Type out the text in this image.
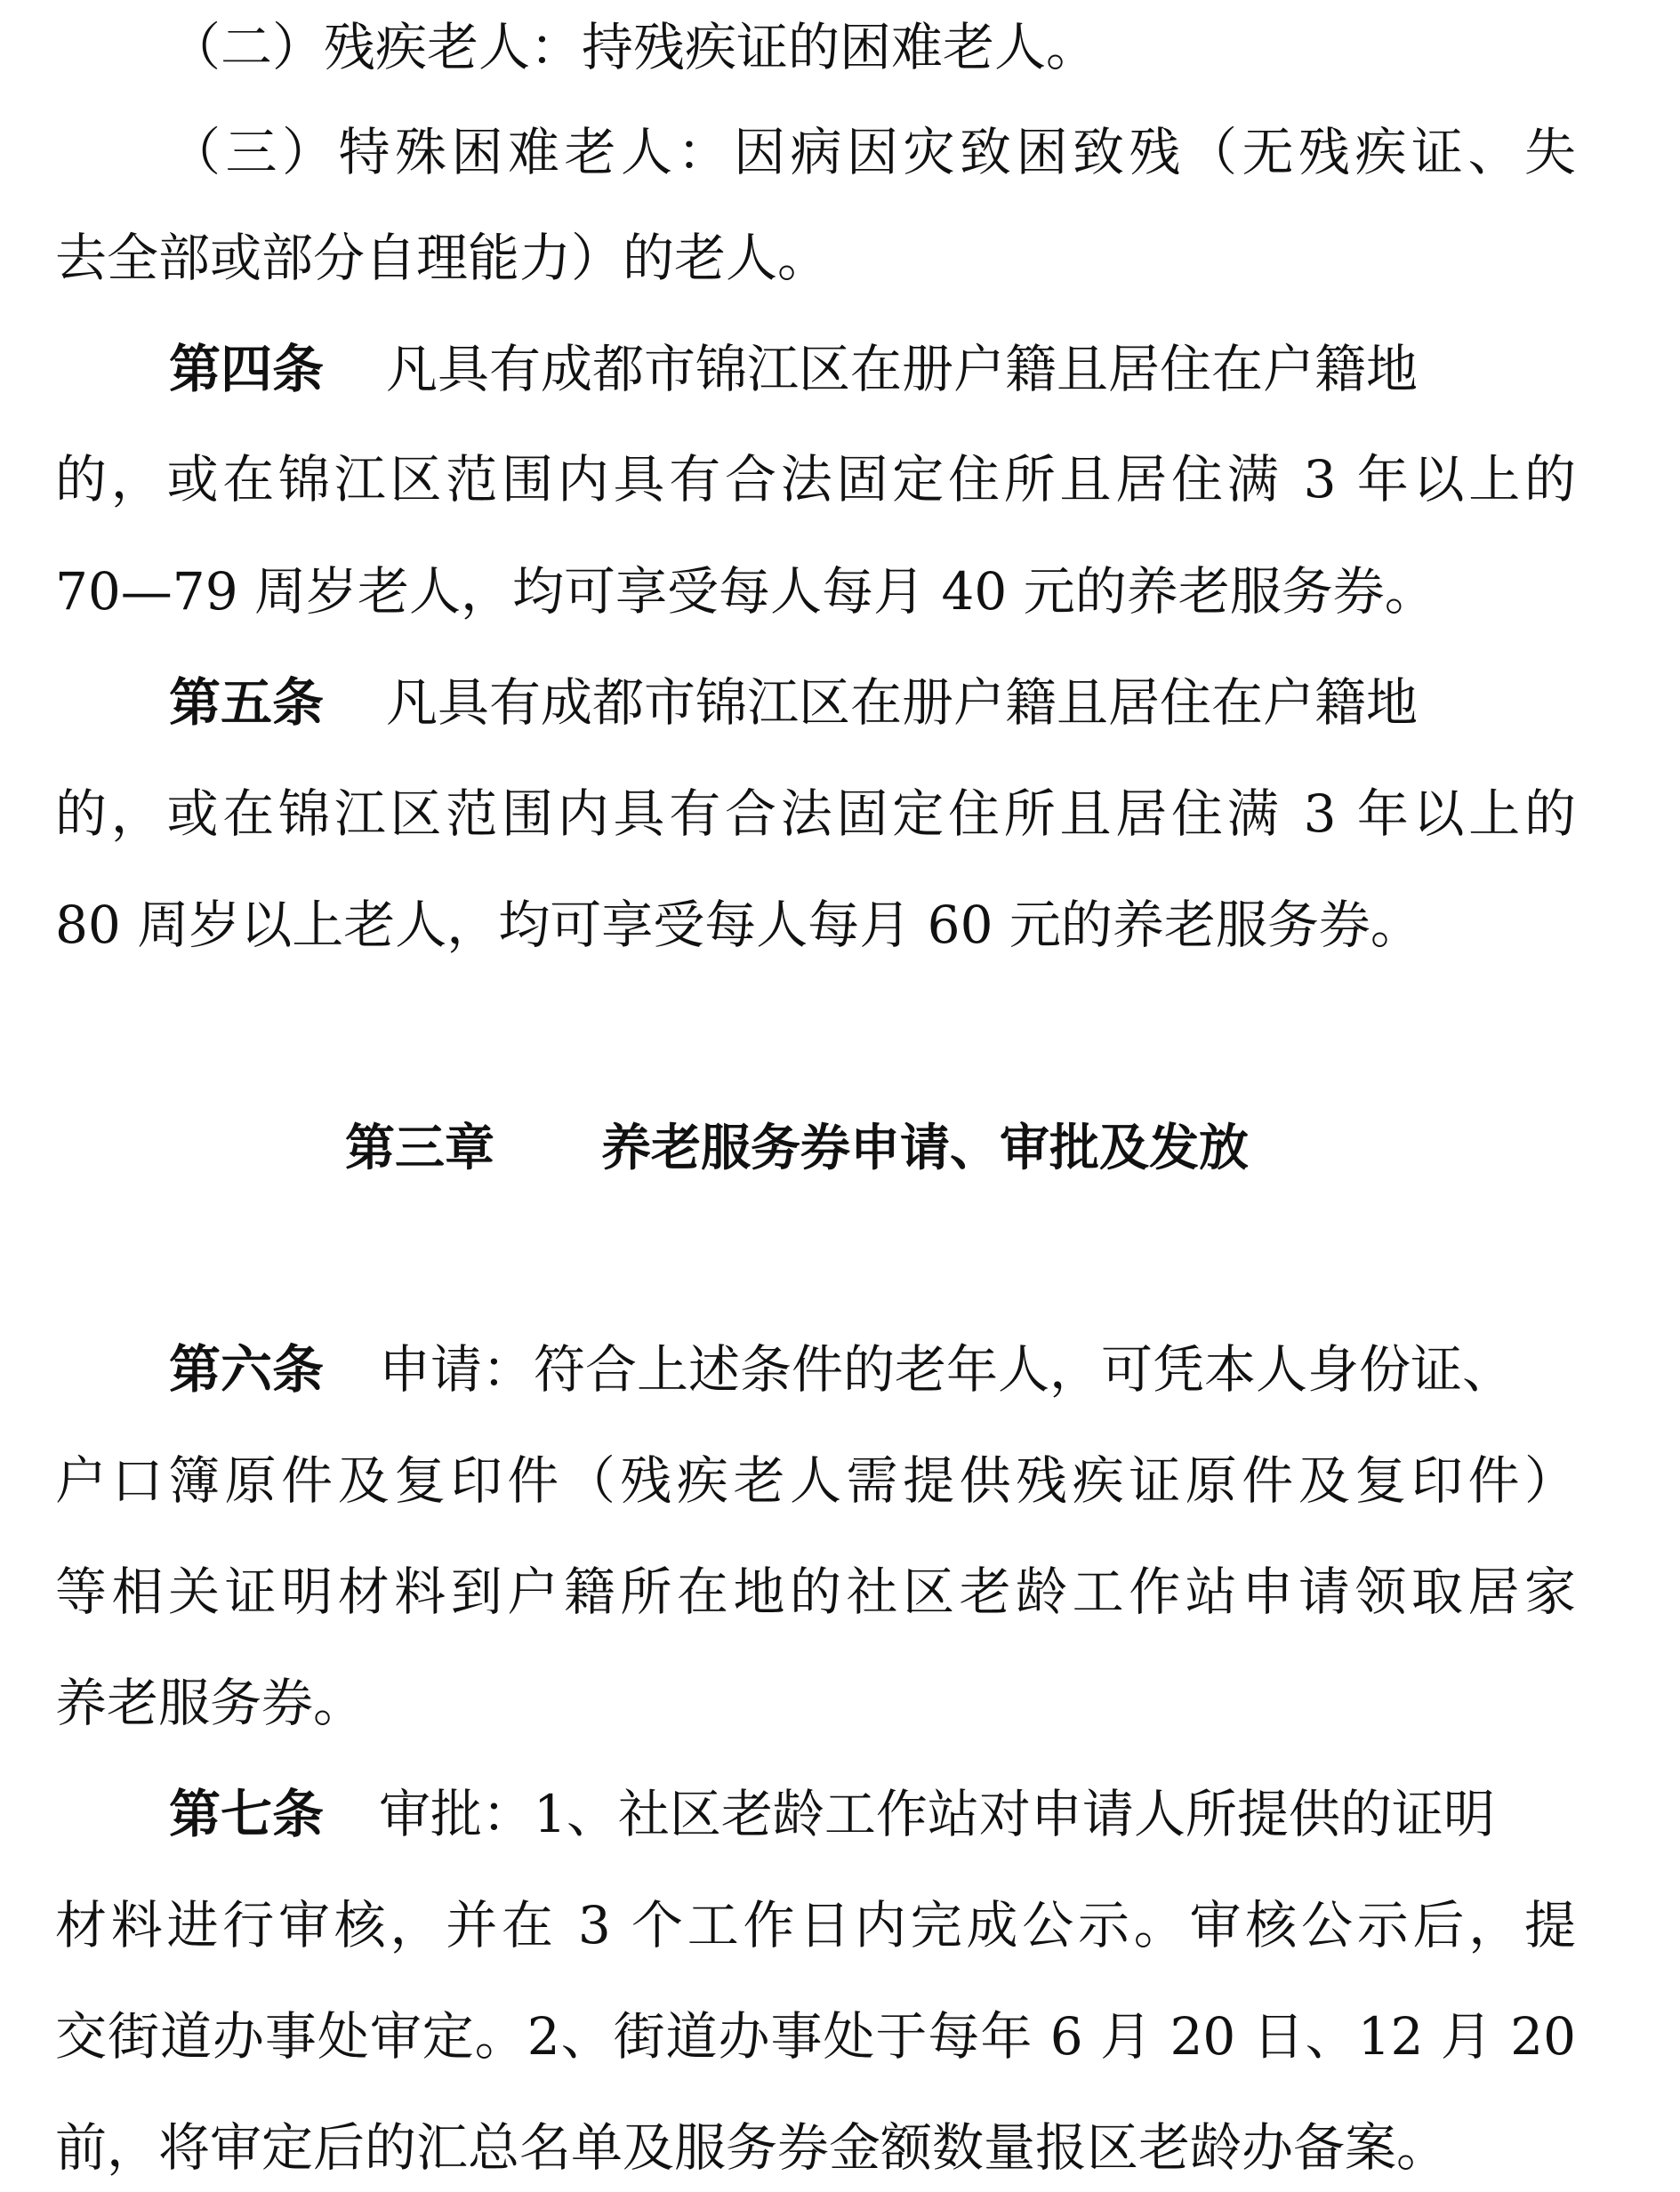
（二）残疾老人：持残疾证的困难老人。
（三）特殊困难老人：因病因灾致困致残（无残疾证、失
去全部或部分自理能力）的老人。
第四条 凡具有成都市锦江区在册户籍且居住在户籍地
的，或在锦江区范围内具有合法固定住所且居住满 3 年以上的
70—79 周岁老人，均可享受每人每月 40 元的养老服务券。
第五条 凡具有成都市锦江区在册户籍且居住在户籍地
的，或在锦江区范围内具有合法固定住所且居住满 3 年以上的
80 周岁以上老人，均可享受每人每月 60 元的养老服务券。
第三章 养老服务券申请、审批及发放
第六条 申请：符合上述条件的老年人，可凭本人身份证、
户口簿原件及复印件（残疾老人需提供残疾证原件及复印件）
等相关证明材料到户籍所在地的社区老龄工作站申请领取居家
养老服务券。
第七条 审批：1、社区老龄工作站对申请人所提供的证明
材料进行审核，并在 3 个工作日内完成公示。审核公示后，提
交街道办事处审定。2、街道办事处于每年 6 月 20 日、12 月 20
前，将审定后的汇总名单及服务券金额数量报区老龄办备案。
